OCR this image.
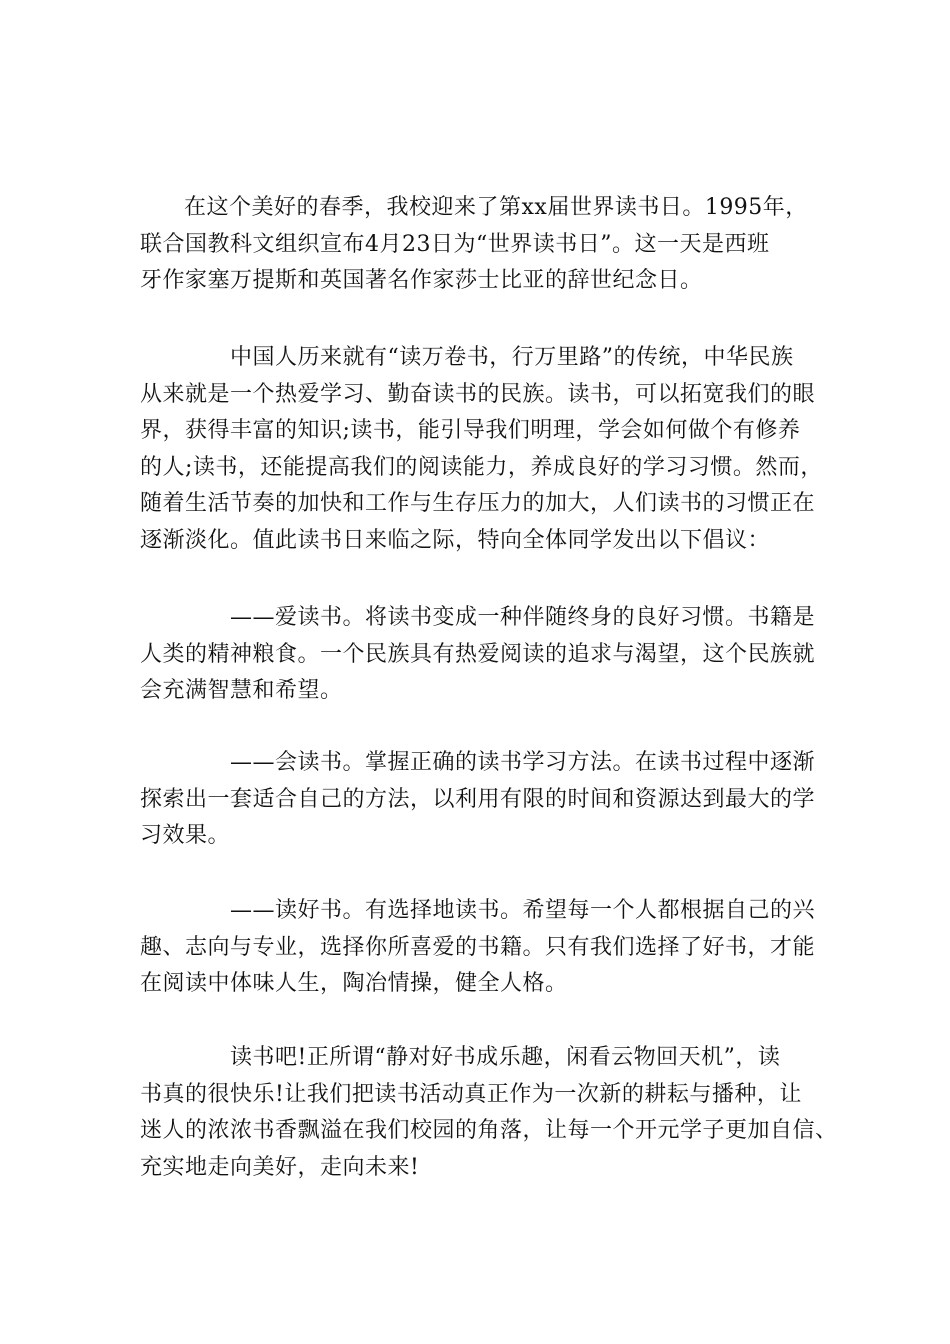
在这个美好的春季，我校迎来了第xx届世界读书日。1995年，
联合国教科文组织宣布4月23日为“世界读书日”。这一天是西班
牙作家塞万提斯和英国著名作家莎士比亚的辞世纪念日。
中国人历来就有“读万卷书，行万里路”的传统，中华民族
从来就是一个热爱学习、勤奋读书的民族。读书，可以拓宽我们的眼
界，获得丰富的知识;读书，能引导我们明理，学会如何做个有修养
的人;读书，还能提高我们的阅读能力，养成良好的学习习惯。然而，
随着生活节奏的加快和工作与生存压力的加大，人们读书的习惯正在
逐渐淡化。值此读书日来临之际，特向全体同学发出以下倡议：
——爱读书。将读书变成一种伴随终身的良好习惯。书籍是
人类的精神粮食。一个民族具有热爱阅读的追求与渴望，这个民族就
会充满智慧和希望。
——会读书。掌握正确的读书学习方法。在读书过程中逐渐
探索出一套适合自己的方法，以利用有限的时间和资源达到最大的学
习效果。
——读好书。有选择地读书。希望每一个人都根据自己的兴
趣、志向与专业，选择你所喜爱的书籍。只有我们选择了好书，才能
在阅读中体味人生，陶冶情操，健全人格。
读书吧!正所谓“静对好书成乐趣，闲看云物回天机”，读
书真的很快乐!让我们把读书活动真正作为一次新的耕耘与播种，让
迷人的浓浓书香飘溢在我们校园的角落，让每一个开元学子更加自信、
充实地走向美好，走向未来!
